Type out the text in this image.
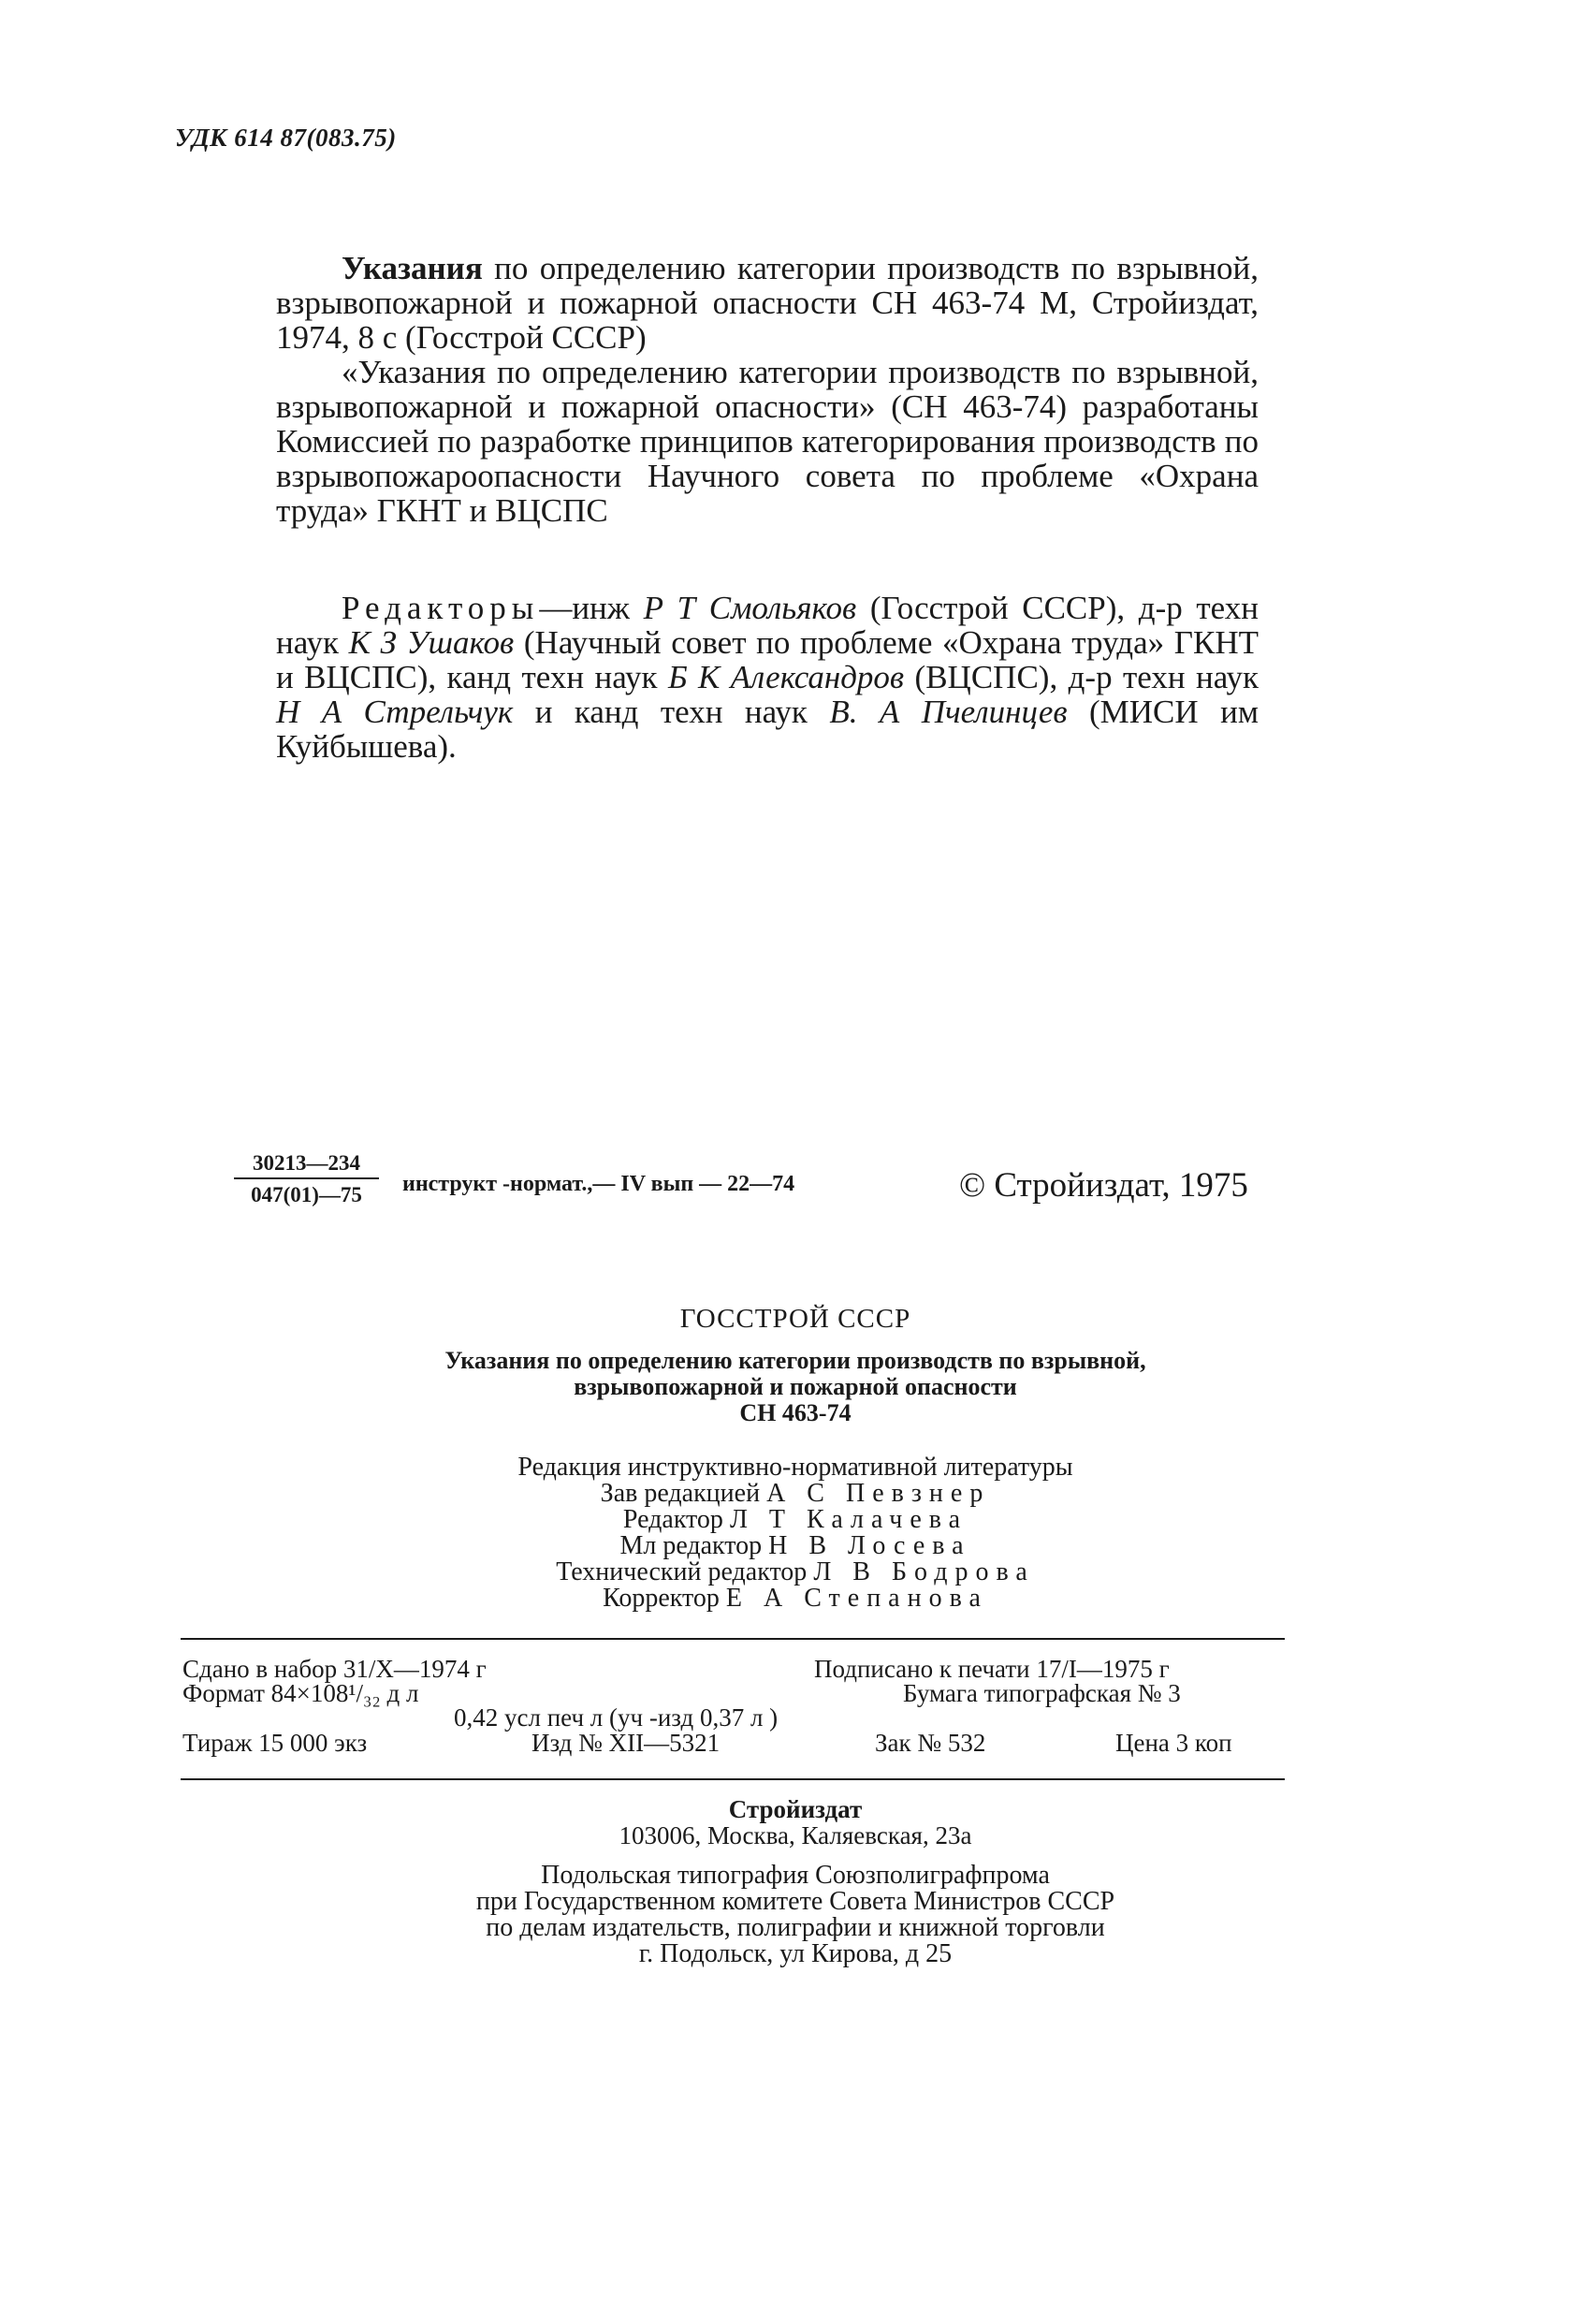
УДК 614 87(083.75)

Указания по определению категории производств по взрывной, взрывопожарной и пожарной опасности СН 463-74 М, Стройиздат, 1974, 8 с (Госстрой СССР)

«Указания по определению категории производств по взрывной, взрывопожарной и пожарной опасности» (СН 463-74) разработаны Комиссией по разработке принципов категорирования производств по взрывопожароопасности Научного совета по проблеме «Охрана труда» ГКНТ и ВЦСПС

Редакторы—инж Р Т Смольяков (Госстрой СССР), д-р техн наук К З Ушаков (Научный совет по проблеме «Охрана труда» ГКНТ и ВЦСПС), канд техн наук Б К Александров (ВЦСПС), д-р техн наук Н А Стрельчук и канд техн наук В. А Пчелинцев (МИСИ им Куйбышева).
$\frac{30213—234}{047(01)—75}$ инструкт -нормат.,— IV вып — 22—74	© Стройиздат, 1975
ГОССТРОЙ СССР
Указания по определению категории производств по взрывной,
взрывопожарной и пожарной опасности
СН 463-74
Редакция инструктивно-нормативной литературы
Зав редакцией А С Певзнер
Редактор Л Т Калачева
Мл редактор Н В Лосева
Технический редактор Л В Бодрова
Корректор Е А Степанова
Сдано в набор 31/X—1974 г	Подписано к печати 17/I—1975 г
Формат 84×108¹/₃₂ д л	Бумага типографская № 3
0,42 усл печ л (уч -изд 0,37 л )
Тираж 15 000 экз	Изд № XII—5321	Зак № 532	Цена 3 коп
Стройиздат
103006, Москва, Каляевская, 23а
Подольская типография Союзполиграфпрома
при Государственном комитете Совета Министров СССР
по делам издательств, полиграфии и книжной торговли
г. Подольск, ул Кирова, д 25
